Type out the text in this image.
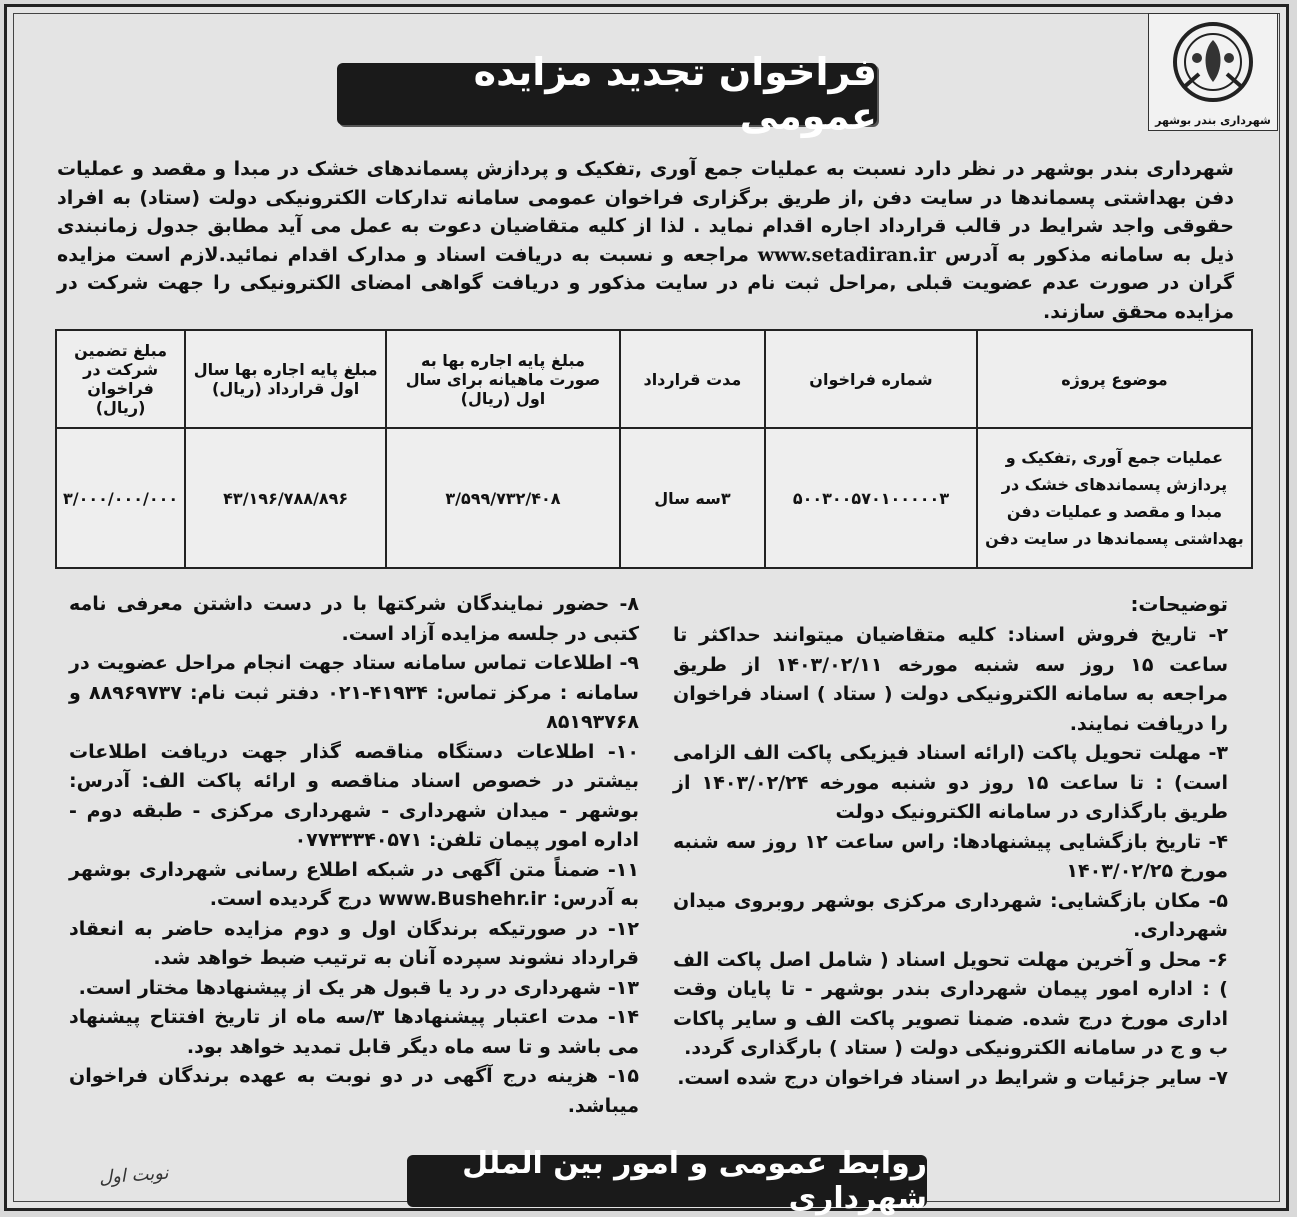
شهرداری بندر بوشهر
فراخوان تجدید مزایده عمومی
شهرداری بندر بوشهر در نظر دارد نسبت به عملیات جمع آوری ,تفکیک و پردازش پسماندهای خشک در مبدا و مقصد و عملیات دفن بهداشتی پسماندها در سایت دفن ,از طریق برگزاری فراخوان عمومی سامانه تدارکات الکترونیکی دولت (ستاد) به افراد حقوقی واجد شرایط در قالب قرارداد اجاره اقدام نماید . لذا از کلیه متقاضیان دعوت به عمل می آید مطابق جدول زمانبندی ذیل به سامانه مذکور به آدرس www.setadiran.ir مراجعه و نسبت به دریافت اسناد و مدارک اقدام نمائید.لازم است مزایده گران در صورت عدم عضویت قبلی ,مراحل ثبت نام در سایت مذکور و دریافت گواهی امضای الکترونیکی را جهت شرکت در مزایده محقق سازند.
موضوع پروژه	شماره فراخوان	مدت قرارداد	مبلغ پایه اجاره بها به صورت ماهیانه برای سال اول (ریال)	مبلغ پایه اجاره بها سال اول قرارداد (ریال)	مبلغ تضمین شرکت در فراخوان (ریال)
عملیات جمع آوری ,تفکیک و پردازش پسماندهای خشک در مبدا و مقصد و عملیات دفن بهداشتی پسماندها در سایت دفن	۵۰۰۳۰۰۵۷۰۱۰۰۰۰۰۳	۳سه سال	۳/۵۹۹/۷۳۲/۴۰۸	۴۳/۱۹۶/۷۸۸/۸۹۶	۳/۰۰۰/۰۰۰/۰۰۰
توضیحات:

۲- تاریخ فروش اسناد: کلیه متقاضیان میتوانند حداکثر تا ساعت ۱۵ روز سه شنبه مورخه ۱۴۰۳/۰۲/۱۱ از طریق مراجعه به سامانه الکترونیکی دولت ( ستاد ) اسناد فراخوان را دریافت نمایند.

۳- مهلت تحویل پاکت (ارائه اسناد فیزیکی پاکت الف الزامی است) : تا ساعت ۱۵ روز دو شنبه مورخه ۱۴۰۳/۰۲/۲۴ از طریق بارگذاری در سامانه الکترونیک دولت

۴- تاریخ بازگشایی پیشنهادها: راس ساعت ۱۲ روز سه شنبه مورخ ۱۴۰۳/۰۲/۲۵

۵- مکان بازگشایی: شهرداری مرکزی بوشهر روبروی میدان شهرداری.

۶- محل و آخرین مهلت تحویل اسناد ( شامل اصل پاکت الف ) : اداره امور پیمان شهرداری بندر بوشهر - تا پایان وقت اداری مورخ درج شده. ضمنا تصویر پاکت الف و سایر پاکات ب و ج در سامانه الکترونیکی دولت ( ستاد ) بارگذاری گردد.

۷- سایر جزئیات و شرایط در اسناد فراخوان درج شده است.

۸- حضور نمایندگان شرکتها با در دست داشتن معرفی نامه کتبی در جلسه مزایده آزاد است.

۹- اطلاعات تماس سامانه ستاد جهت انجام مراحل عضویت در سامانه : مرکز تماس: ۴۱۹۳۴-۰۲۱ دفتر ثبت نام: ۸۸۹۶۹۷۳۷ و ۸۵۱۹۳۷۶۸

۱۰- اطلاعات دستگاه مناقصه گذار جهت دریافت اطلاعات بیشتر در خصوص اسناد مناقصه و ارائه پاکت الف: آدرس: بوشهر - میدان شهرداری - شهرداری مرکزی - طبقه دوم - اداره امور پیمان تلفن: ۰۷۷۳۳۳۴۰۵۷۱

۱۱- ضمناً متن آگهی در شبکه اطلاع رسانی شهرداری بوشهر به آدرس: www.Bushehr.ir درج گردیده است.

۱۲- در صورتیکه برندگان اول و دوم مزایده حاضر به انعقاد قرارداد نشوند سپرده آنان به ترتیب ضبط خواهد شد.

۱۳- شهرداری در رد یا قبول هر یک از پیشنهادها مختار است.

۱۴- مدت اعتبار پیشنهادها ۳/سه ماه از تاریخ افتتاح پیشنهاد می باشد و تا سه ماه دیگر قابل تمدید خواهد بود.

۱۵- هزینه درج آگهی در دو نوبت به عهده برندگان فراخوان میباشد.

روابط عمومی و امور بین الملل شهرداری
نوبت اول
